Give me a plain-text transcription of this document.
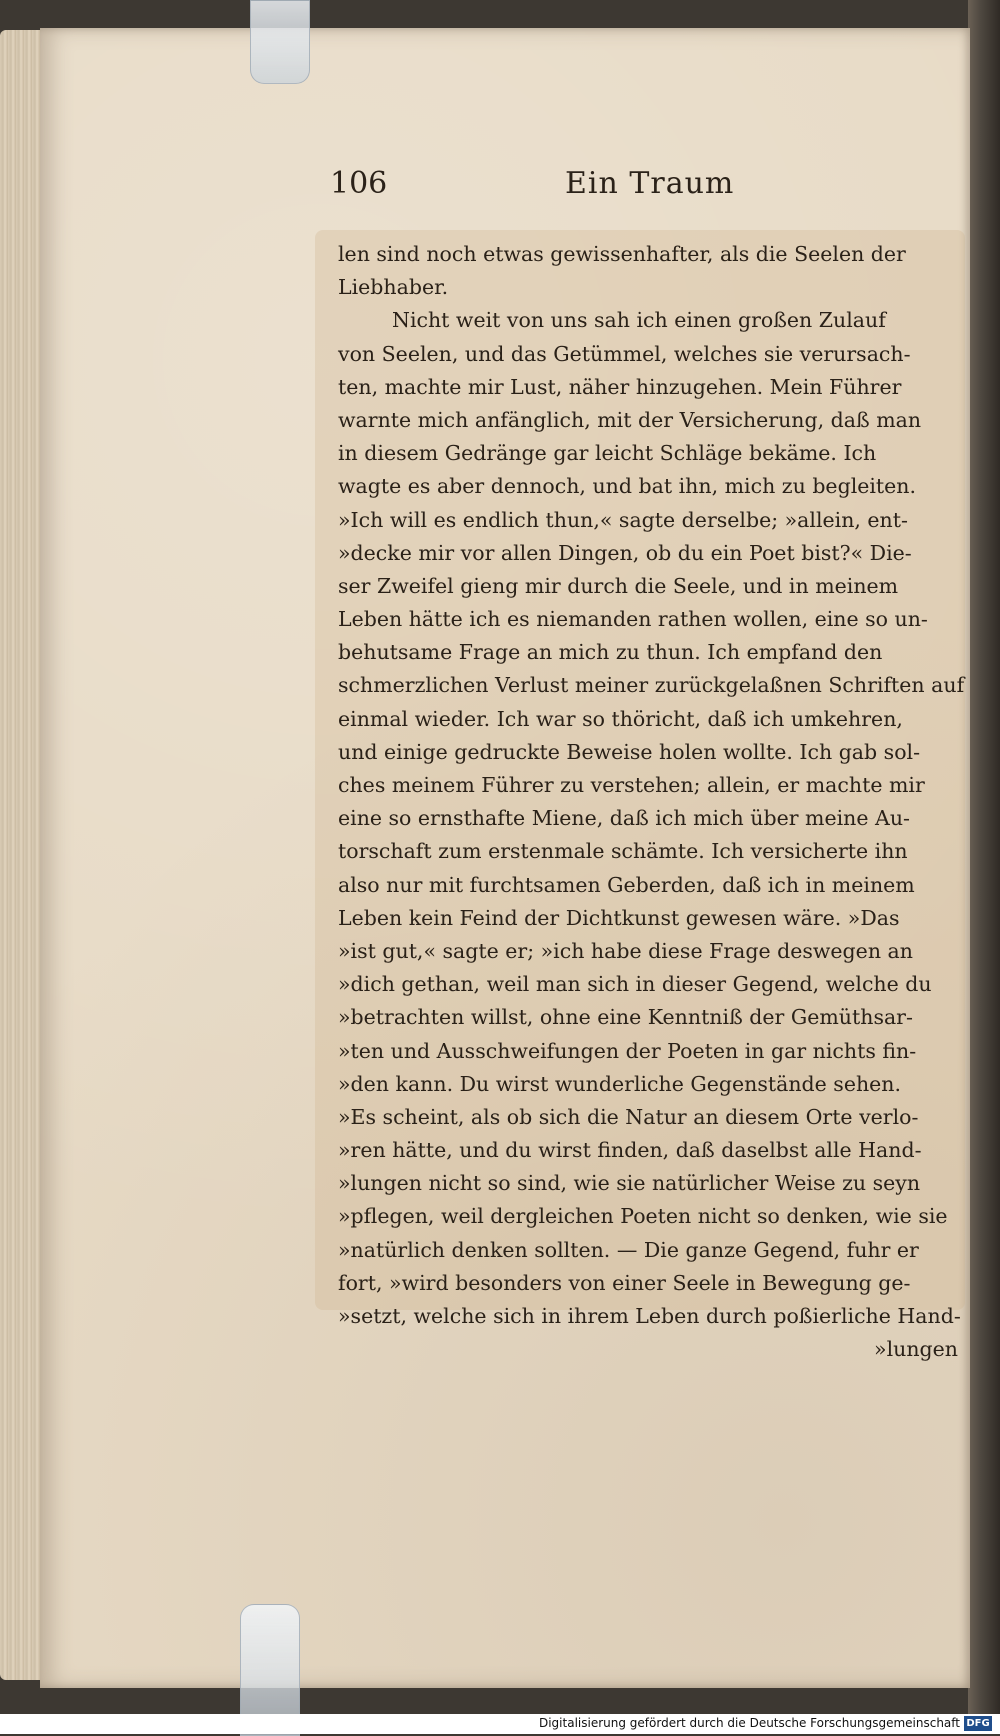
106	Ein Traum
len sind noch etwas gewissenhafter, als die Seelen der
Liebhaber.
Nicht weit von uns sah ich einen großen Zulauf
von Seelen, und das Getümmel, welches sie verursach-
ten, machte mir Lust, näher hinzugehen. Mein Führer
warnte mich anfänglich, mit der Versicherung, daß man
in diesem Gedränge gar leicht Schläge bekäme. Ich
wagte es aber dennoch, und bat ihn, mich zu begleiten.
»Ich will es endlich thun,« sagte derselbe; »allein, ent-
»decke mir vor allen Dingen, ob du ein Poet bist?« Die-
ser Zweifel gieng mir durch die Seele, und in meinem
Leben hätte ich es niemanden rathen wollen, eine so un-
behutsame Frage an mich zu thun. Ich empfand den
schmerzlichen Verlust meiner zurückgelaßnen Schriften auf
einmal wieder. Ich war so thöricht, daß ich umkehren,
und einige gedruckte Beweise holen wollte. Ich gab sol-
ches meinem Führer zu verstehen; allein, er machte mir
eine so ernsthafte Miene, daß ich mich über meine Au-
torschaft zum erstenmale schämte. Ich versicherte ihn
also nur mit furchtsamen Geberden, daß ich in meinem
Leben kein Feind der Dichtkunst gewesen wäre. »Das
»ist gut,« sagte er; »ich habe diese Frage deswegen an
»dich gethan, weil man sich in dieser Gegend, welche du
»betrachten willst, ohne eine Kenntniß der Gemüthsar-
»ten und Ausschweifungen der Poeten in gar nichts fin-
»den kann. Du wirst wunderliche Gegenstände sehen.
»Es scheint, als ob sich die Natur an diesem Orte verlo-
»ren hätte, und du wirst finden, daß daselbst alle Hand-
»lungen nicht so sind, wie sie natürlicher Weise zu seyn
»pflegen, weil dergleichen Poeten nicht so denken, wie sie
»natürlich denken sollten. — Die ganze Gegend, fuhr er
fort, »wird besonders von einer Seele in Bewegung ge-
»setzt, welche sich in ihrem Leben durch poßierliche Hand-
»lungen
Digitalisierung gefördert durch die Deutsche Forschungsgemeinschaft DFG
